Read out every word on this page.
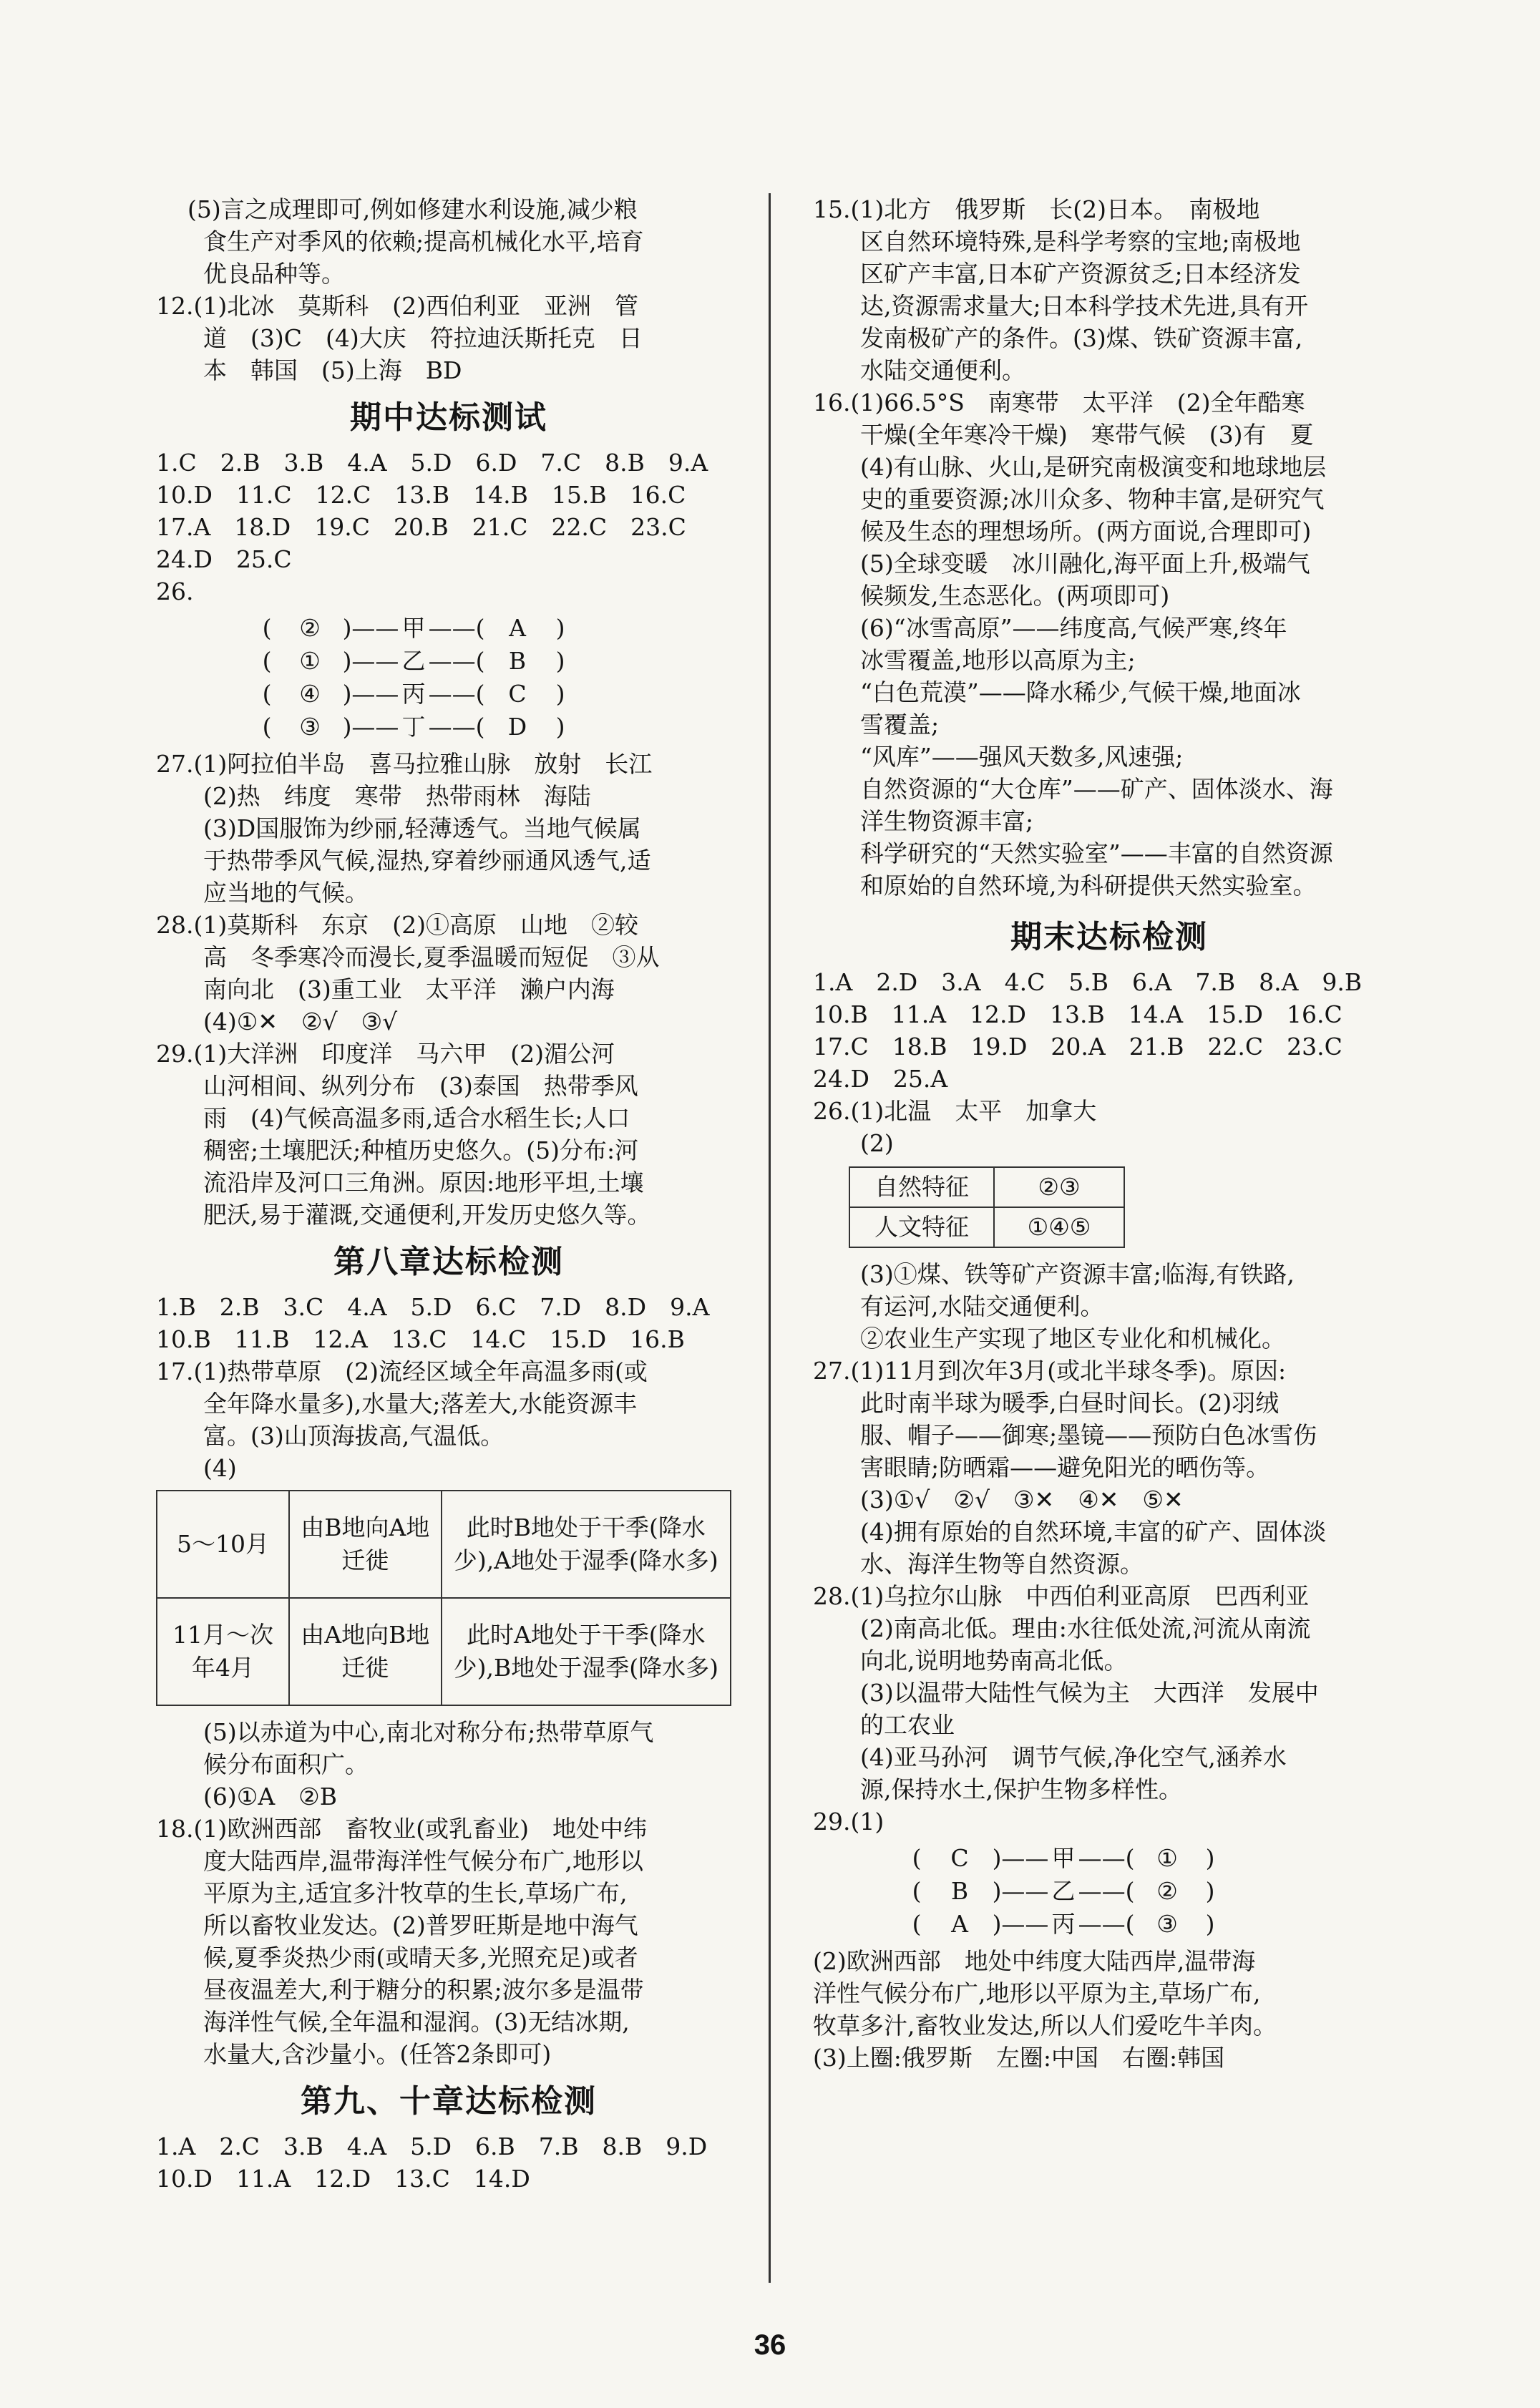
(5)言之成理即可,例如修建水利设施,减少粮
食生产对季风的依赖;提高机械化水平,培育
优良品种等。
12.(1)北冰　莫斯科　(2)西伯利亚　亚洲　管
道　(3)C　(4)大庆　符拉迪沃斯托克　日
本　韩国　(5)上海　BD
期中达标测试
1.C　2.B　3.B　4.A　5.D　6.D　7.C　8.B　9.A
10.D　11.C　12.C　13.B　14.B　15.B　16.C
17.A　18.D　19.C　20.B　21.C　22.C　23.C
24.D　25.C
26.
(	② )—— 甲 ——(	A	)
(	① )—— 乙 ——(	B	)
(	④ )—— 丙 ——( C	)
(	③ )—— 丁 ——( D	)
27.(1)阿拉伯半岛　喜马拉雅山脉　放射　长江
(2)热　纬度　寒带　热带雨林　海陆
(3)D国服饰为纱丽,轻薄透气。当地气候属
于热带季风气候,湿热,穿着纱丽通风透气,适
应当地的气候。
28.(1)莫斯科　东京　(2)①高原　山地　②较
高　冬季寒冷而漫长,夏季温暖而短促　③从
南向北　(3)重工业　太平洋　濑户内海
(4)①✕　②√　③√
29.(1)大洋洲　印度洋　马六甲　(2)湄公河
山河相间、纵列分布　(3)泰国　热带季风
雨　(4)气候高温多雨,适合水稻生长;人口
稠密;土壤肥沃;种植历史悠久。(5)分布:河
流沿岸及河口三角洲。原因:地形平坦,土壤
肥沃,易于灌溉,交通便利,开发历史悠久等。
第八章达标检测
1.B　2.B　3.C　4.A　5.D　6.C　7.D　8.D　9.A
10.B　11.B　12.A　13.C　14.C　15.D　16.B
17.(1)热带草原　(2)流经区域全年高温多雨(或
全年降水量多),水量大;落差大,水能资源丰
富。(3)山顶海拔高,气温低。
(4)
5～10月	由B地向A地迁徙	此时B地处于干季(降水少),A地处于湿季(降水多)
11月～次年4月	由A地向B地迁徙	此时A地处于干季(降水少),B地处于湿季(降水多)
(5)以赤道为中心,南北对称分布;热带草原气
候分布面积广。
(6)①A　②B
18.(1)欧洲西部　畜牧业(或乳畜业)　地处中纬
度大陆西岸,温带海洋性气候分布广,地形以
平原为主,适宜多汁牧草的生长,草场广布,
所以畜牧业发达。(2)普罗旺斯是地中海气
候,夏季炎热少雨(或晴天多,光照充足)或者
昼夜温差大,利于糖分的积累;波尔多是温带
海洋性气候,全年温和湿润。(3)无结冰期,
水量大,含沙量小。(任答2条即可)
第九、十章达标检测
1.A　2.C　3.B　4.A　5.D　6.B　7.B　8.B　9.D
10.D　11.A　12.D　13.C　14.D
15.(1)北方　俄罗斯　长(2)日本。　南极地
区自然环境特殊,是科学考察的宝地;南极地
区矿产丰富,日本矿产资源贫乏;日本经济发
达,资源需求量大;日本科学技术先进,具有开
发南极矿产的条件。(3)煤、铁矿资源丰富,
水陆交通便利。
16.(1)66.5°S　南寒带　太平洋　(2)全年酷寒
干燥(全年寒冷干燥)　寒带气候　(3)有　夏
(4)有山脉、火山,是研究南极演变和地球地层
史的重要资源;冰川众多、物种丰富,是研究气
候及生态的理想场所。(两方面说,合理即可)
(5)全球变暖　冰川融化,海平面上升,极端气
候频发,生态恶化。(两项即可)
(6)“冰雪高原”——纬度高,气候严寒,终年
冰雪覆盖,地形以高原为主;
“白色荒漠”——降水稀少,气候干燥,地面冰
雪覆盖;
“风库”——强风天数多,风速强;
自然资源的“大仓库”——矿产、固体淡水、海
洋生物资源丰富;
科学研究的“天然实验室”——丰富的自然资源
和原始的自然环境,为科研提供天然实验室。
期末达标检测
1.A　2.D　3.A　4.C　5.B　6.A　7.B　8.A　9.B
10.B　11.A　12.D　13.B　14.A　15.D　16.C
17.C　18.B　19.D　20.A　21.B　22.C　23.C
24.D　25.A
26.(1)北温　太平　加拿大
(2)
自然特征	②③
人文特征	①④⑤
(3)①煤、铁等矿产资源丰富;临海,有铁路,
有运河,水陆交通便利。
②农业生产实现了地区专业化和机械化。
27.(1)11月到次年3月(或北半球冬季)。原因:
此时南半球为暖季,白昼时间长。(2)羽绒
服、帽子——御寒;墨镜——预防白色冰雪伤
害眼睛;防晒霜——避免阳光的晒伤等。
(3)①√　②√　③✕　④✕　⑤✕
(4)拥有原始的自然环境,丰富的矿产、固体淡
水、海洋生物等自然资源。
28.(1)乌拉尔山脉　中西伯利亚高原　巴西利亚
(2)南高北低。理由:水往低处流,河流从南流
向北,说明地势南高北低。
(3)以温带大陆性气候为主　大西洋　发展中
的工农业
(4)亚马孙河　调节气候,净化空气,涵养水
源,保持水土,保护生物多样性。
29.(1)
(	C )—— 甲 ——( ①	)
(	B	)—— 乙 ——( ②	)
(	A	)—— 丙 ——( ③	)
(2)欧洲西部　地处中纬度大陆西岸,温带海
洋性气候分布广,地形以平原为主,草场广布,
牧草多汁,畜牧业发达,所以人们爱吃牛羊肉。
(3)上圈:俄罗斯　左圈:中国　右圈:韩国
36
